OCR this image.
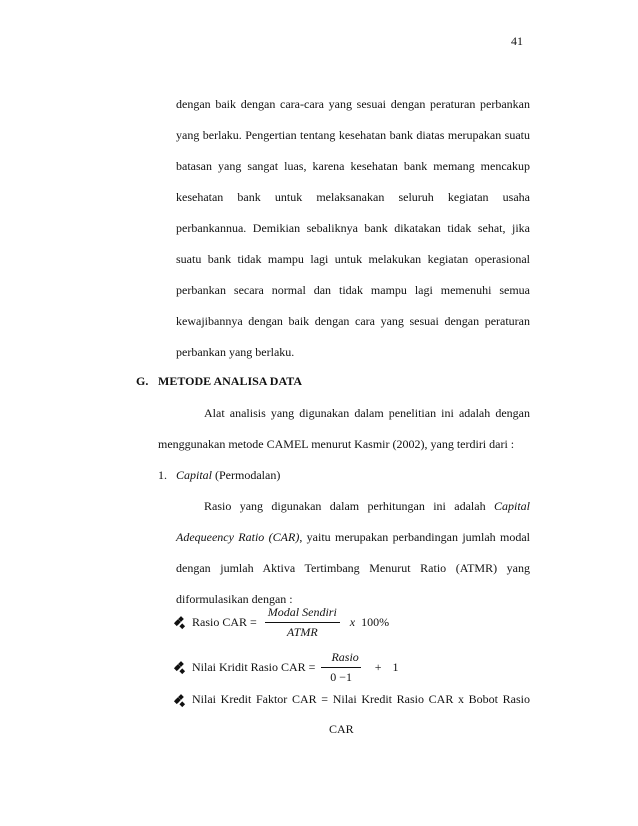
41
dengan baik dengan cara-cara yang sesuai dengan peraturan perbankan
yang berlaku. Pengertian tentang kesehatan bank diatas merupakan suatu
batasan yang sangat luas, karena kesehatan bank memang mencakup
kesehatan bank untuk melaksanakan seluruh kegiatan usaha
perbankannua. Demikian sebaliknya bank dikatakan tidak sehat, jika
suatu bank tidak mampu lagi untuk melakukan kegiatan operasional
perbankan secara normal dan tidak mampu lagi memenuhi semua
kewajibannya dengan baik dengan cara yang sesuai dengan peraturan
perbankan yang berlaku.
G. METODE ANALISA DATA
Alat analisis yang digunakan dalam penelitian ini adalah dengan
menggunakan metode CAMEL menurut Kasmir (2002), yang terdiri dari :
1. Capital (Permodalan)
Rasio yang digunakan dalam perhitungan ini adalah Capital
Adequeency Ratio (CAR), yaitu merupakan perbandingan jumlah modal
dengan jumlah Aktiva Tertimbang Menurut Ratio (ATMR) yang
diformulasikan dengan :
Rasio CAR = $\frac{\text{Modal Sendiri}}{\text{ATMR}}$ x 100%
Nilai Kridit Rasio CAR = $\frac{\text{Rasio}}{0 -1} + 1$
Nilai Kredit Faktor CAR = Nilai Kredit Rasio CAR x Bobot Rasio
CAR
